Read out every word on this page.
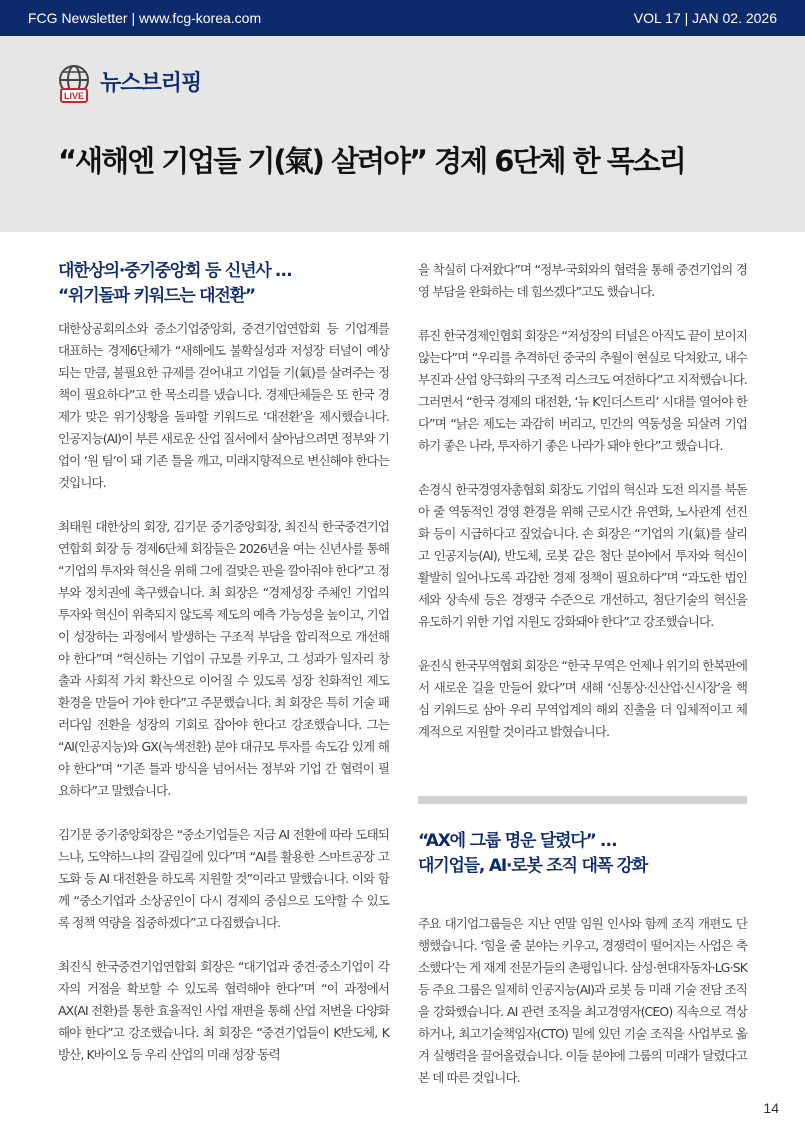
FCG Newsletter | www.fcg-korea.com	VOL 17 | JAN 02. 2026
LIVE 뉴스브리핑
“새해엔 기업들 기(氣) 살려야” 경제 6단체 한 목소리
대한상의·중기중앙회 등 신년사 …
“위기돌파 키워드는 대전환”

대한상공회의소와 중소기업중앙회, 중견기업연합회 등 기업계를 대표하는 경제6단체가 “새해에도 불확실성과 저성장 터널이 예상되는 만큼, 불필요한 규제를 걷어내고 기업들 기(氣)를 살려주는 정책이 필요하다”고 한 목소리를 냈습니다. 경제단체들은 또 한국 경제가 맞은 위기상황을 돌파할 키워드로 ‘대전환’을 제시했습니다. 인공지능(AI)이 부른 새로운 산업 질서에서 살아남으려면 정부와 기업이 ‘원 팀’이 돼 기존 틀을 깨고, 미래지향적으로 변신해야 한다는 것입니다.

최태원 대한상의 회장, 김기문 중기중앙회장, 최진식 한국중견기업연합회 회장 등 경제6단체 회장들은 2026년을 여는 신년사를 통해 “기업의 투자와 혁신을 위해 그에 걸맞은 판을 깔아줘야 한다”고 정부와 정치권에 촉구했습니다. 최 회장은 “경제성장 주체인 기업의 투자와 혁신이 위축되지 않도록 제도의 예측 가능성을 높이고, 기업이 성장하는 과정에서 발생하는 구조적 부담을 합리적으로 개선해야 한다”며 “혁신하는 기업이 규모를 키우고, 그 성과가 일자리 창출과 사회적 가치 확산으로 이어질 수 있도록 성장 친화적인 제도 환경을 만들어 가야 한다”고 주문했습니다. 최 회장은 특히 기술 패러다임 전환을 성장의 기회로 잡아야 한다고 강조했습니다. 그는 “AI(인공지능)와 GX(녹색전환) 분야 대규모 투자를 속도감 있게 해야 한다”며 “기존 틀과 방식을 넘어서는 정부와 기업 간 협력이 필요하다”고 말했습니다.

김기문 중기중앙회장은 “중소기업들은 지금 AI 전환에 따라 도태되느냐, 도약하느냐의 갈림길에 있다”며 “AI를 활용한 스마트공장 고도화 등 AI 대전환을 하도록 지원할 것”이라고 말했습니다. 이와 함께 “중소기업과 소상공인이 다시 경제의 중심으로 도약할 수 있도록 정책 역량을 집중하겠다”고 다짐했습니다.

최진식 한국중견기업연합회 회장은 “대기업과 중견·중소기업이 각자의 거점을 확보할 수 있도록 협력해야 한다”며 “이 과정에서 AX(AI 전환)를 통한 효율적인 사업 재편을 통해 산업 저변을 다양화해야 한다”고 강조했습니다. 최 회장은 “중견기업들이 K반도체, K방산, K바이오 등 우리 산업의 미래 성장 동력

을 착실히 다져왔다”며 “정부·국회와의 협력을 통해 중견기업의 경영 부담을 완화하는 데 힘쓰겠다”고도 했습니다.

류진 한국경제인협회 회장은 “저성장의 터널은 아직도 끝이 보이지 않는다”며 “우리를 추격하던 중국의 추월이 현실로 닥쳐왔고, 내수 부진과 산업 양극화의 구조적 리스크도 여전하다”고 지적했습니다. 그러면서 “한국 경제의 대전환, ‘뉴 K인더스트리’ 시대를 열어야 한다”며 “낡은 제도는 과감히 버리고, 민간의 역동성을 되살려 기업하기 좋은 나라, 투자하기 좋은 나라가 돼야 한다”고 했습니다.

손경식 한국경영자총협회 회장도 기업의 혁신과 도전 의지를 북돋아 줄 역동적인 경영 환경을 위해 근로시간 유연화, 노사관계 선진화 등이 시급하다고 짚었습니다. 손 회장은 “기업의 기(氣)를 살리고 인공지능(AI), 반도체, 로봇 같은 첨단 분야에서 투자와 혁신이 활발히 일어나도록 과감한 경제 정책이 필요하다”며 “과도한 법인세와 상속세 등은 경쟁국 수준으로 개선하고, 첨단기술의 혁신을 유도하기 위한 기업 지원도 강화돼야 한다”고 강조했습니다.

윤진식 한국무역협회 회장은 “한국 무역은 언제나 위기의 한복판에서 새로운 길을 만들어 왔다”며 새해 ‘신통상·신산업·신시장’을 핵심 키워드로 삼아 우리 무역업계의 해외 진출을 더 입체적이고 체계적으로 지원할 것이라고 밝혔습니다.

“AX에 그룹 명운 달렸다” …
대기업들, AI·로봇 조직 대폭 강화

주요 대기업그룹들은 지난 연말 임원 인사와 함께 조직 개편도 단행했습니다. ‘힘을 줄 분야는 키우고, 경쟁력이 떨어지는 사업은 축소했다’는 게 재계 전문가들의 촌평입니다. 삼성·현대자동차·LG·SK 등 주요 그룹은 일제히 인공지능(AI)과 로봇 등 미래 기술 전담 조직을 강화했습니다. AI 관련 조직을 최고경영자(CEO) 직속으로 격상하거나, 최고기술책임자(CTO) 밑에 있던 기술 조직을 사업부로 옮겨 실행력을 끌어올렸습니다. 이들 분야에 그룹의 미래가 달렸다고 본 데 따른 것입니다.

14
